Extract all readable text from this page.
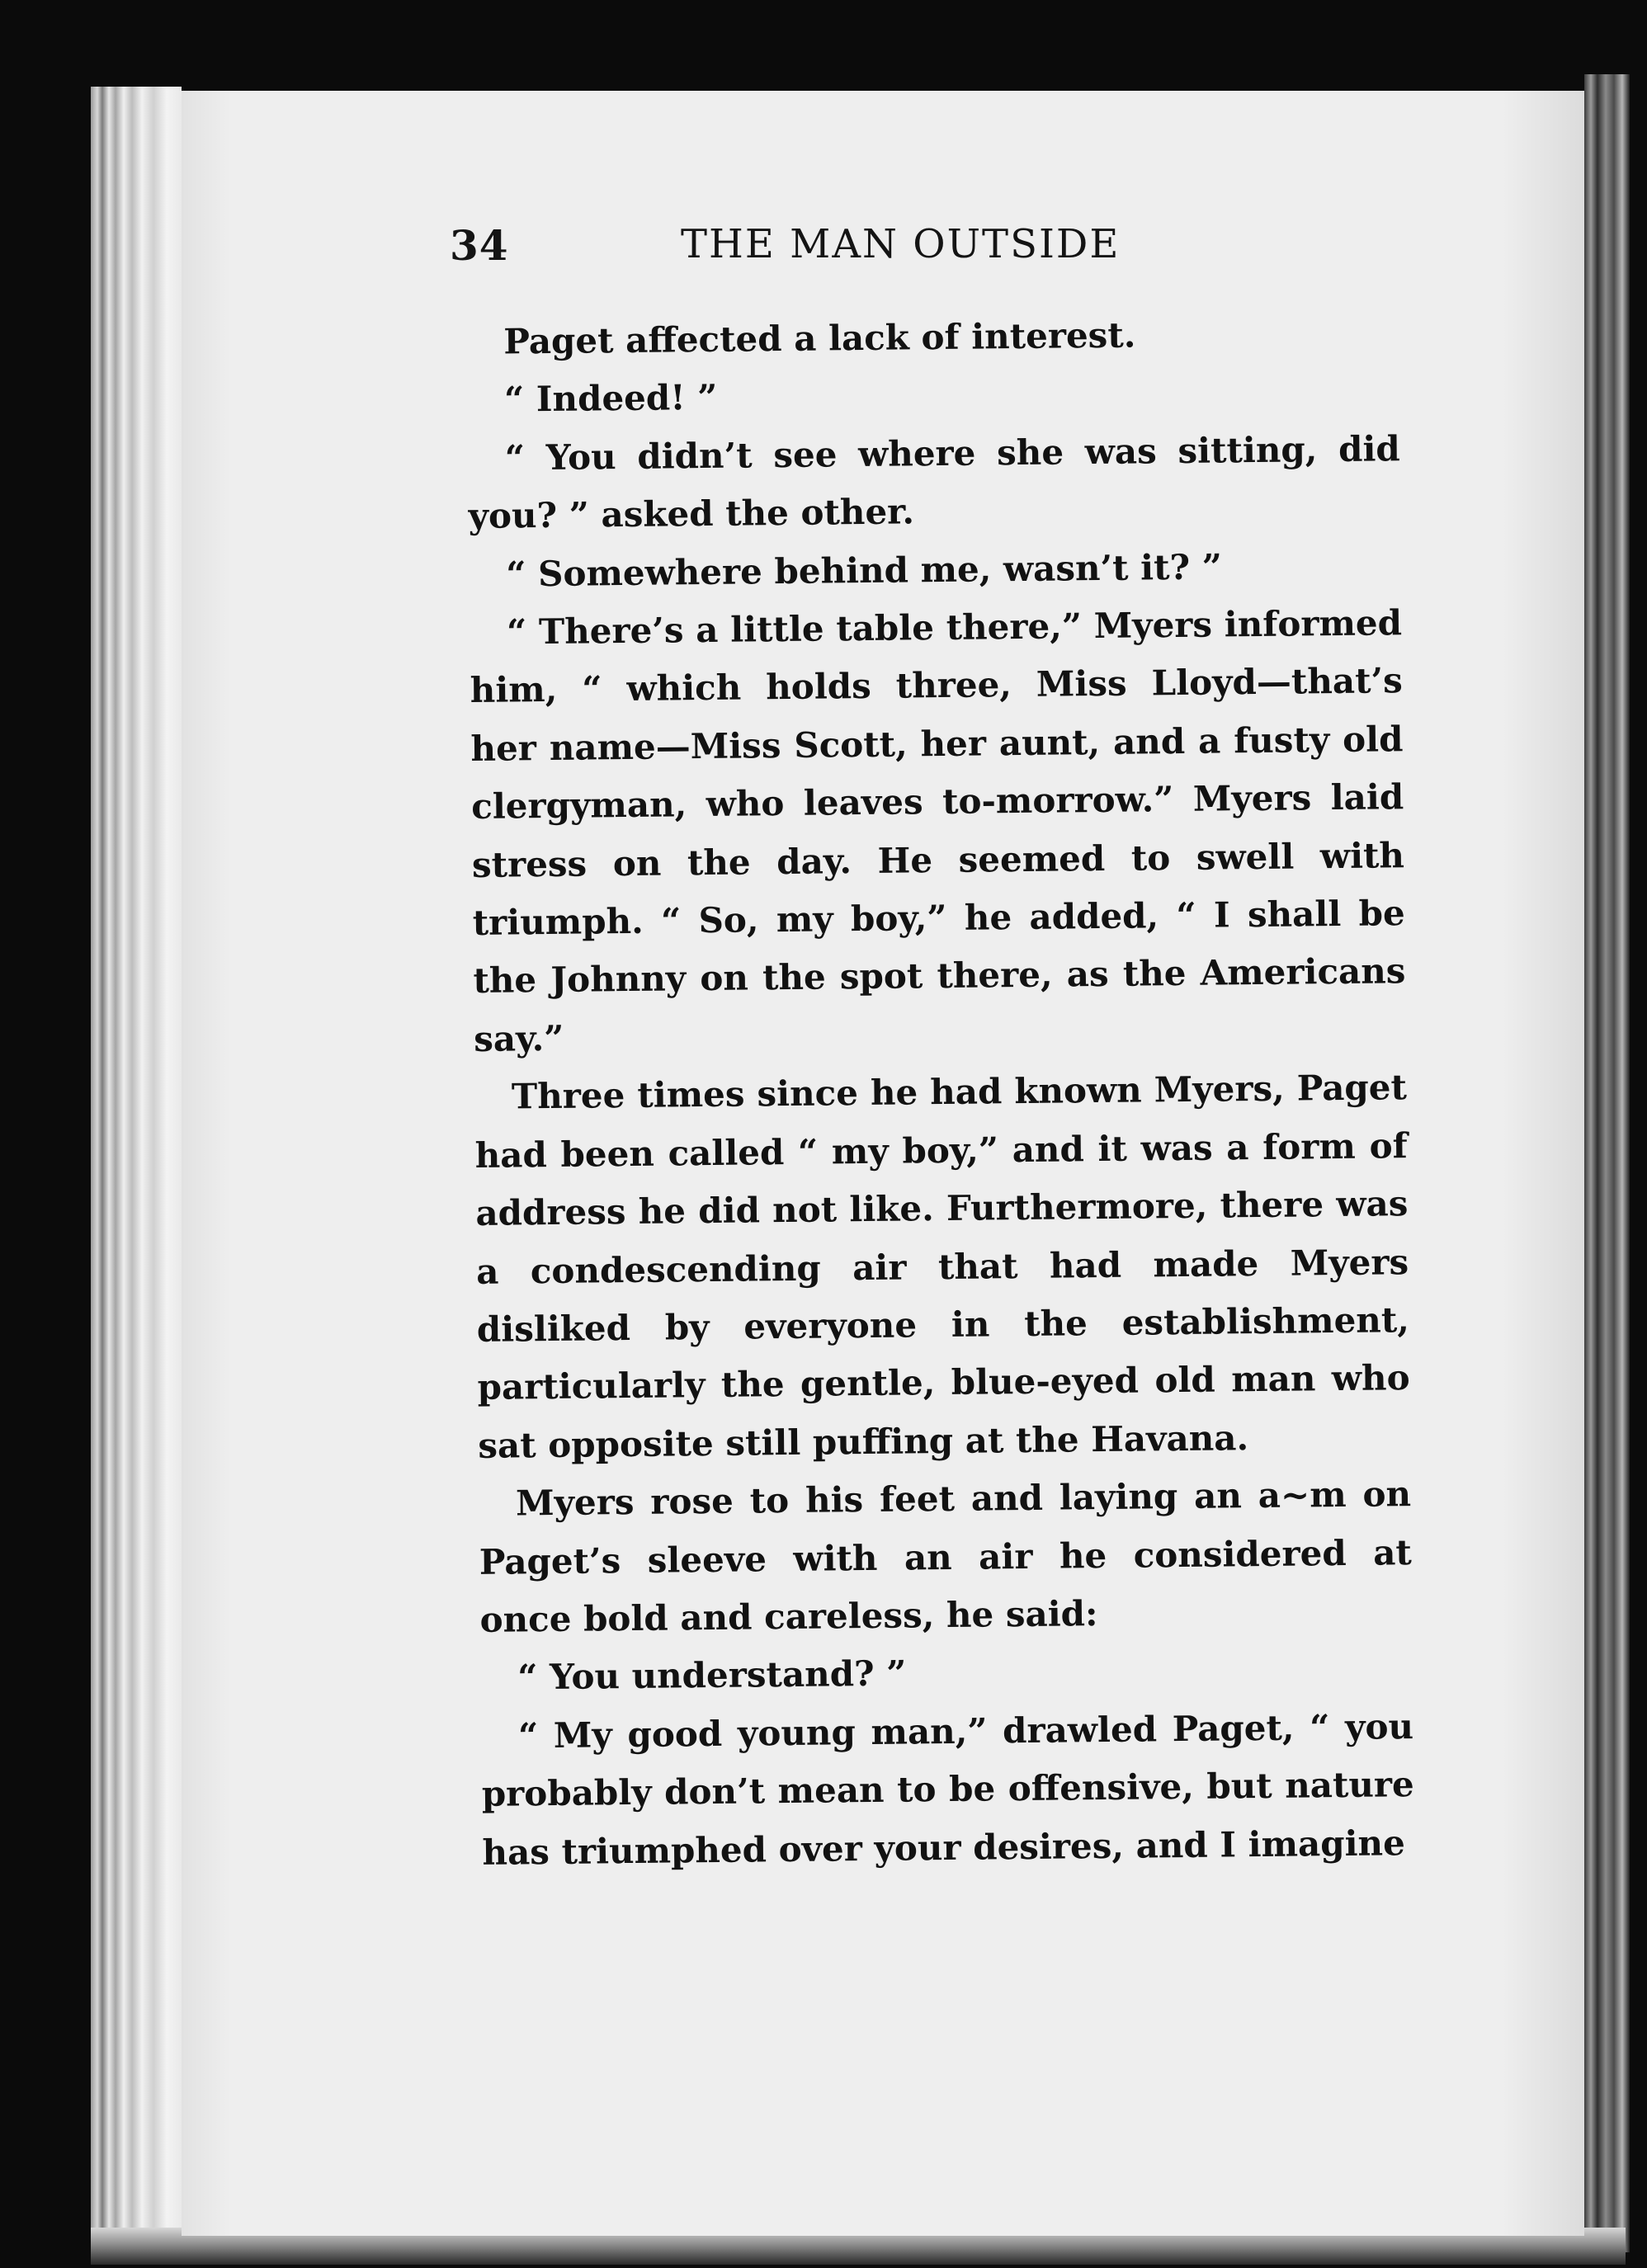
34	THE MAN OUTSIDE

Paget affected a lack of interest.

“ Indeed! ”

“ You didn’t see where she was sitting, did you? ” asked the other.

“ Somewhere behind me, wasn’t it? ”

“ There’s a little table there,” Myers informed him, “ which holds three, Miss Lloyd—that’s her name—Miss Scott, her aunt, and a fusty old clergyman, who leaves to-morrow.” Myers laid stress on the day. He seemed to swell with triumph. “ So, my boy,” he added, “ I shall be the Johnny on the spot there, as the Americans say.”

Three times since he had known Myers, Paget had been called “ my boy,” and it was a form of address he did not like. Furthermore, there was a condescending air that had made Myers disliked by everyone in the establishment, particularly the gentle, blue-eyed old man who sat opposite still puffing at the Havana.

Myers rose to his feet and laying an a~m on Paget’s sleeve with an air he considered at once bold and careless, he said:

“ You understand? ”

“ My good young man,” drawled Paget, “ you probably don’t mean to be offensive, but nature has triumphed over your desires, and I imagine
